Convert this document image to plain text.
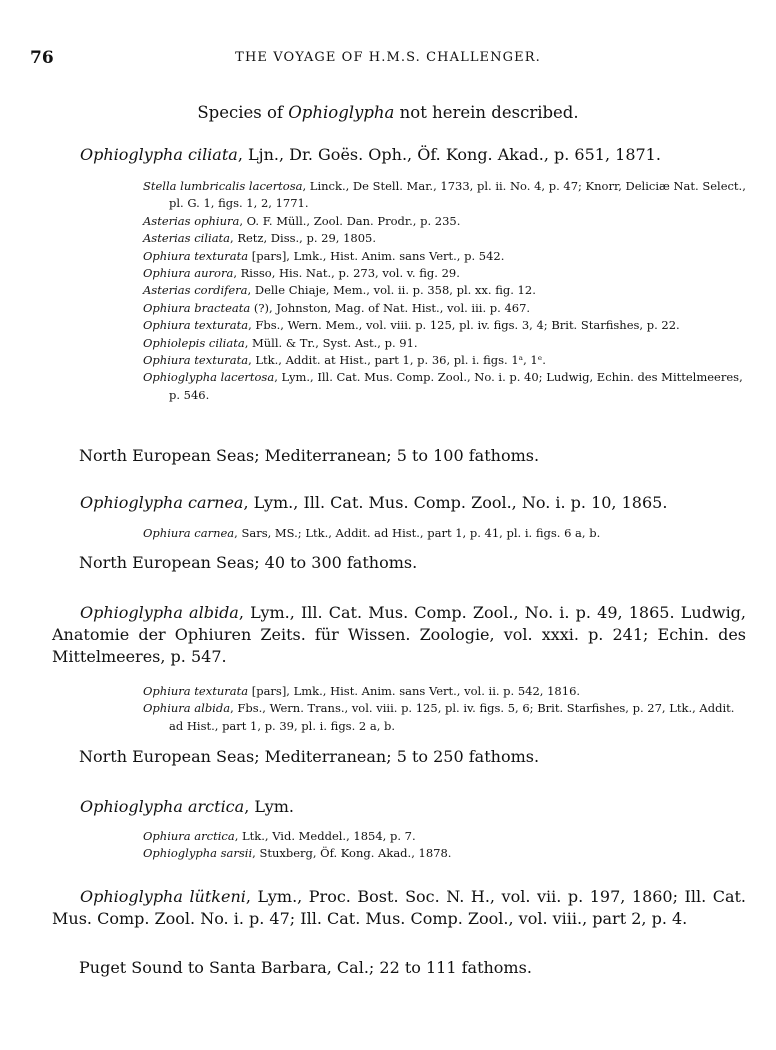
76	THE VOYAGE OF H.M.S. CHALLENGER.
Species of Ophioglypha not herein described.
Ophioglypha ciliata, Ljn., Dr. Goës. Oph., Öf. Kong. Akad., p. 651, 1871.
Stella lumbricalis lacertosa, Linck., De Stell. Mar., 1733, pl. ii. No. 4, p. 47; Knorr, Deliciæ Nat. Select., pl. G. 1, figs. 1, 2, 1771.
Asterias ophiura, O. F. Müll., Zool. Dan. Prodr., p. 235.
Asterias ciliata, Retz, Diss., p. 29, 1805.
Ophiura texturata [pars], Lmk., Hist. Anim. sans Vert., p. 542.
Ophiura aurora, Risso, His. Nat., p. 273, vol. v. fig. 29.
Asterias cordifera, Delle Chiaje, Mem., vol. ii. p. 358, pl. xx. fig. 12.
Ophiura bracteata (?), Johnston, Mag. of Nat. Hist., vol. iii. p. 467.
Ophiura texturata, Fbs., Wern. Mem., vol. viii. p. 125, pl. iv. figs. 3, 4; Brit. Starfishes, p. 22.
Ophiolepis ciliata, Müll. & Tr., Syst. Ast., p. 91.
Ophiura texturata, Ltk., Addit. at Hist., part 1, p. 36, pl. i. figs. 1ᵃ, 1ᵉ.
Ophioglypha lacertosa, Lym., Ill. Cat. Mus. Comp. Zool., No. i. p. 40; Ludwig, Echin. des Mittelmeeres, p. 546.
North European Seas; Mediterranean; 5 to 100 fathoms.
Ophioglypha carnea, Lym., Ill. Cat. Mus. Comp. Zool., No. i. p. 10, 1865.
Ophiura carnea, Sars, MS.; Ltk., Addit. ad Hist., part 1, p. 41, pl. i. figs. 6 a, b.
North European Seas; 40 to 300 fathoms.
Ophioglypha albida, Lym., Ill. Cat. Mus. Comp. Zool., No. i. p. 49, 1865. Ludwig, Anatomie der Ophiuren Zeits. für Wissen. Zoologie, vol. xxxi. p. 241; Echin. des Mittelmeeres, p. 547.
Ophiura texturata [pars], Lmk., Hist. Anim. sans Vert., vol. ii. p. 542, 1816.
Ophiura albida, Fbs., Wern. Trans., vol. viii. p. 125, pl. iv. figs. 5, 6; Brit. Starfishes, p. 27, Ltk., Addit. ad Hist., part 1, p. 39, pl. i. figs. 2 a, b.
North European Seas; Mediterranean; 5 to 250 fathoms.
Ophioglypha arctica, Lym.
Ophiura arctica, Ltk., Vid. Meddel., 1854, p. 7.
Ophioglypha sarsii, Stuxberg, Öf. Kong. Akad., 1878.
Ophioglypha lütkeni, Lym., Proc. Bost. Soc. N. H., vol. vii. p. 197, 1860; Ill. Cat. Mus. Comp. Zool. No. i. p. 47; Ill. Cat. Mus. Comp. Zool., vol. viii., part 2, p. 4.
Puget Sound to Santa Barbara, Cal.; 22 to 111 fathoms.
